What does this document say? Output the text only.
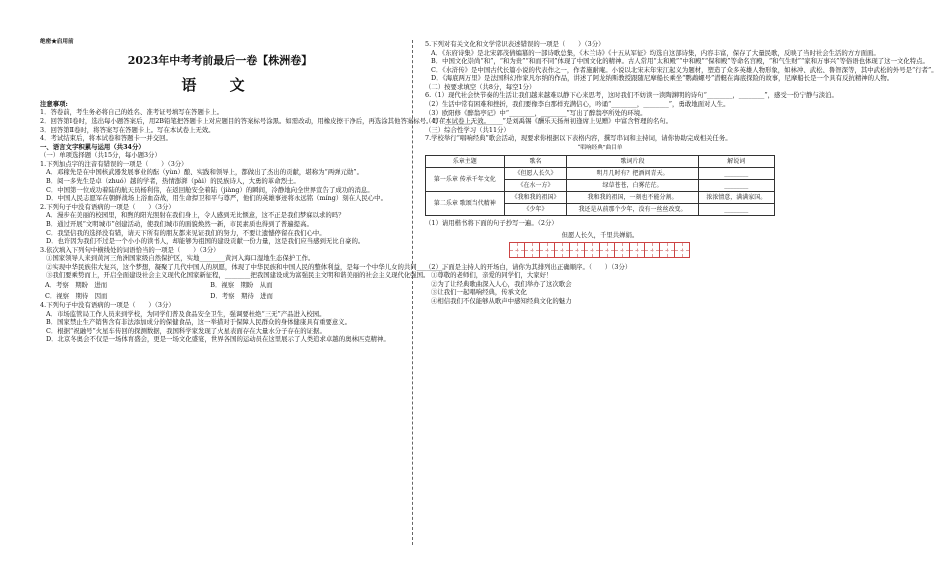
绝密★启用前
2023年中考考前最后一卷【株洲卷】
语 文
注意事项:
1．答卷前，考生务必将自己的姓名、准考证号填写在答题卡上。
2．回答第Ⅰ卷时，选出每小题答案后，用2B铅笔把答题卡上对应题目的答案标号涂黑。如需改动，用橡皮擦干净后，再选涂其他答案标号。写在本试卷上无效。
3．回答第Ⅱ卷时，将答案写在答题卡上。写在本试卷上无效。
4．考试结束后，将本试卷和答题卡一并交回。
一、语言文字积累与运用（共34分）
（一）单项选择题（共15分，每小题3分）
1.下列加点字的注音有错误的一项是（　　）（3分）
A．邓稼先是在中国核武器发展事业的酝（yùn）酿、实践和领导上，都做出了杰出的贡献，堪称为“两弹元勋”。
B．阅一多先生是卓（zhuó）越的学者，热情澎湃（pài）的民族诗人，大勇的革命烈士。
C．中国第一位成功着陆的航天员杨利伟，在返回舱安全着陆（jiàng）的瞬间，冷静地向全世界宣告了成功的消息。
D．中国人民志愿军在朝鲜战场上浴血奋战，用生命捍卫和平与尊严，他们的英雄事迹将永远铭（míng）刻在人民心中。
2.下列句子中没有语病的一项是（　　）（3分）
A．漫步在美丽的校园里，和煦的阳光照射在我们身上，令人感到无比惬意，这不正是我们梦寐以求的吗？
B．通过开展“文明城市”创建活动，使我们城市的面貌焕然一新，市民素质也得到了普遍提高。
C．我坚信我的选择没有错，请天下所有的朋友都来见证我们的努力，不要让遗憾停留在我们心中。
D．也许因为我们不过是一个小小的读书人，却能够为祖国的建设贡献一份力量，这是我们应当感到无比自豪的。
3.依次填入下列句中横线处的词语恰当的一项是（　　）（3分）
①国家领导人来到黄河三角洲国家级自然保护区，实地________黄河入海口湿地生态保护工作。
②实现中华民族伟大复兴，这个梦想，凝聚了几代中国人的夙愿，体现了中华民族和中国人民的整体利益，是每一个中华儿女的共同________。
③我们要乘势而上，开启全面建设社会主义现代化国家新征程，________把我国建设成为富强民主文明和谐美丽的社会主义现代化强国。
A．考察　 期盼　 进而	B．视察　 期盼　 从而
C．视察　 期待　 因而	D．考察　 期待　 进而
4.下列句子中没有语病的一项是（　　）（3分）
A．市场监管局工作人员来到学校，为同学们普及食品安全卫生，强调要杜绝“三无”产品进入校园。
B．国家禁止生产销售含有非法添加成分的保健食品，这一举措对于保障人民群众的身体健康具有重要意义。
C．根据“祝融号”火星车传回的探测数据，我国科学家发现了火星表面存在大量水分子存在的证据。
D．北京冬奥会不仅是一场体育盛会，更是一场文化盛宴，世界各国的运动员在这里展示了人类追求卓越的奥林匹克精神。
5.下列对有关文化和文学常识表述错误的一项是（　　）（3分）
A．《东府诗集》是北宋郭茂倩编纂的一部诗歌总集，《木兰诗》《十五从军征》均选自这部诗集，内容丰富，保存了大量民歌，反映了当时社会生活的方方面面。
B．中国文化崇尚“和”，“和为贵”“和而不同”体现了中国文化的精神。古人常用“太和殿”“中和殿”“保和殿”等命名宫殿，“和气生财”“家和万事兴”等俗语也体现了这一文化特点。
C．《水浒传》是中国古代长篇小说的代表作之一，作者施耐庵。小说以北宋末年宋江起义为题材，塑造了众多英雄人物形象，如林冲、武松、鲁智深等，其中武松的外号是“行者”。
D．《海底两万里》是法国科幻作家凡尔纳的作品，讲述了阿龙纳斯教授跟随尼摩船长乘坐“鹦鹉螺号”潜艇在海底探险的故事，尼摩船长是一个具有反抗精神的人物。
（二）按要求填空（共8分，每空1分）
6.（1）现代社会快节奏的生活让我们越来越难以静下心来思考，这时我们不妨读一读陶渊明的诗句“________，________”，感受一份宁静与淡泊。
（2）生活中常有困难和挫折，我们要像李白那样充满信心，吟诵“________，________”，勇敢地面对人生。
（3）欧阳修《醉翁亭记》中“________，________”写出了醉翁亭所处的环境。
（4）“________，________”是刘禹锡《酬乐天扬州初逢席上见赠》中富含哲理的名句。
（三）综合性学习（共11分）
7.学校举行“唱响经典”歌会活动，现要求你根据以下表格内容，撰写串词和主持词，请你协助完成相关任务。
“唱响经典”曲目单
乐章主题	歌名	歌词片段	解说词
第一乐章 传承千年文化	《但愿人长久》	明月几时有？把酒问青天。	________
	《在水一方》	绿草苍苍，白雾茫茫。	________
第二乐章 歌颂当代精神	《我和我的祖国》	我和我的祖国，一刻也不能分割。	浓浓情意，满满家国。
	《少年》	我还是从前那个少年，没有一丝丝改变。	________
（1）请用楷书将下面的句子抄写一遍。（2分）
但愿人长久，千里共婵娟。
（2）下面是主持人的开场白，请你为其排列出正确顺序。（　　）（3分）
①尊敬的老师们，亲爱的同学们，大家好！
②为了让经典歌曲深入人心，我们举办了这次歌会
③让我们一起唱响经典，传承文化
④相信我们不仅能够从歌声中感知经典文化的魅力
